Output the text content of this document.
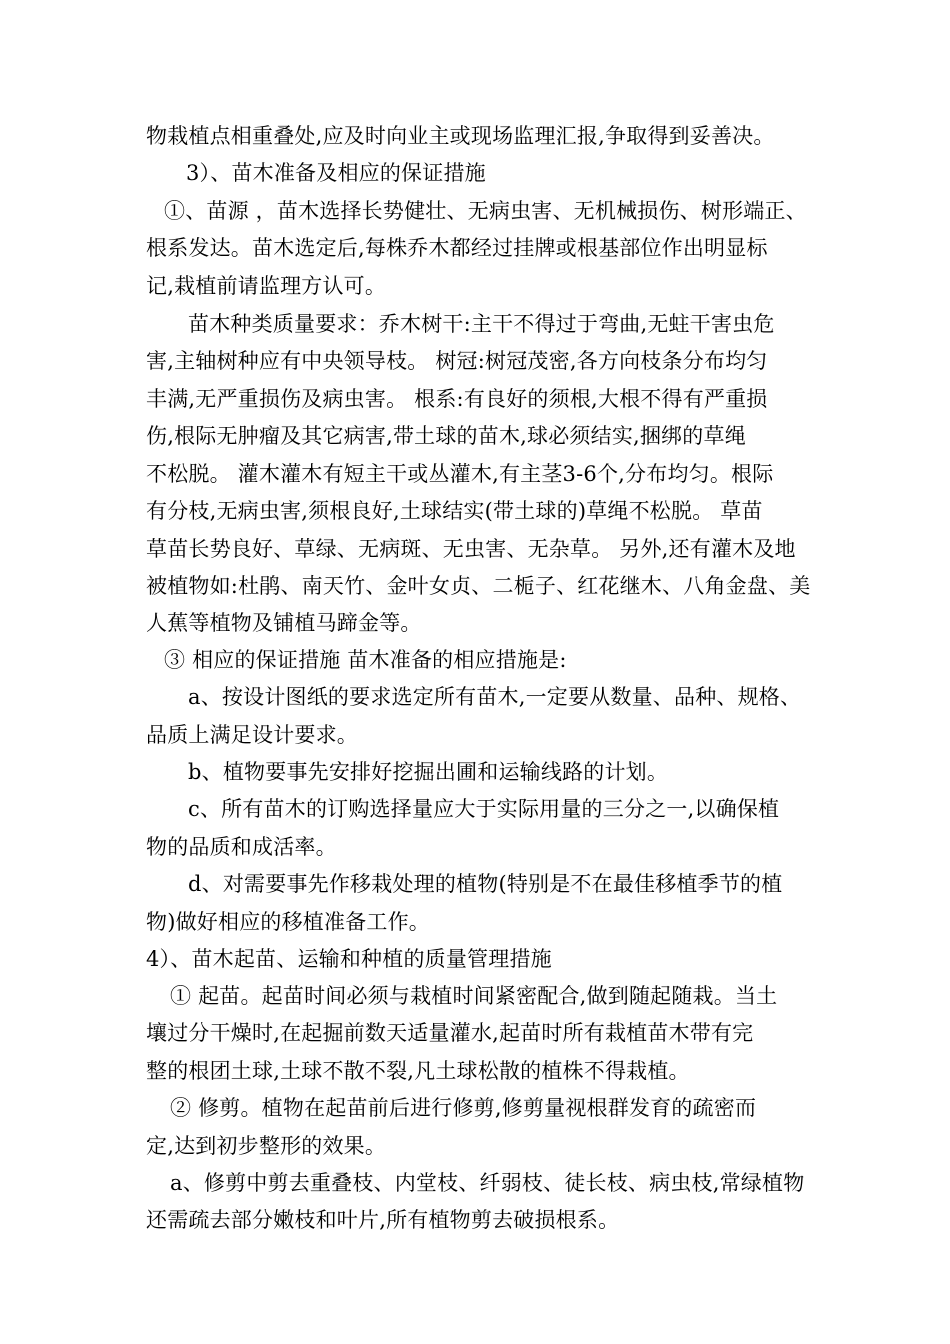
物栽植点相重叠处,应及时向业主或现场监理汇报,争取得到妥善决。
3）、苗木准备及相应的保证措施
①、苗源 ，苗木选择长势健壮、无病虫害、无机械损伤、树形端正、
根系发达。苗木选定后,每株乔木都经过挂牌或根基部位作出明显标
记,栽植前请监理方认可。
苗木种类质量要求：乔木树干:主干不得过于弯曲,无蛀干害虫危
害,主轴树种应有中央领导枝。 树冠:树冠茂密,各方向枝条分布均匀
丰满,无严重损伤及病虫害。 根系:有良好的须根,大根不得有严重损
伤,根际无肿瘤及其它病害,带土球的苗木,球必须结实,捆绑的草绳
不松脱。 灌木灌木有短主干或丛灌木,有主茎3-6个,分布均匀。根际
有分枝,无病虫害,须根良好,土球结实(带土球的)草绳不松脱。 草苗
草苗长势良好、草绿、无病斑、无虫害、无杂草。 另外,还有灌木及地
被植物如:杜鹃、南天竹、金叶女贞、二栀子、红花继木、八角金盘、美
人蕉等植物及铺植马蹄金等。
③ 相应的保证措施 苗木准备的相应措施是:
a、按设计图纸的要求选定所有苗木,一定要从数量、品种、规格、
品质上满足设计要求。
b、植物要事先安排好挖掘出圃和运输线路的计划。
c、所有苗木的订购选择量应大于实际用量的三分之一,以确保植
物的品质和成活率。
d、对需要事先作移栽处理的植物(特别是不在最佳移植季节的植
物)做好相应的移植准备工作。
4）、苗木起苗、运输和种植的质量管理措施
① 起苗。起苗时间必须与栽植时间紧密配合,做到随起随栽。当土
壤过分干燥时,在起掘前数天适量灌水,起苗时所有栽植苗木带有完
整的根团土球,土球不散不裂,凡土球松散的植株不得栽植。
② 修剪。植物在起苗前后进行修剪,修剪量视根群发育的疏密而
定,达到初步整形的效果。
a、修剪中剪去重叠枝、内堂枝、纤弱枝、徒长枝、病虫枝,常绿植物
还需疏去部分嫩枝和叶片,所有植物剪去破损根系。
